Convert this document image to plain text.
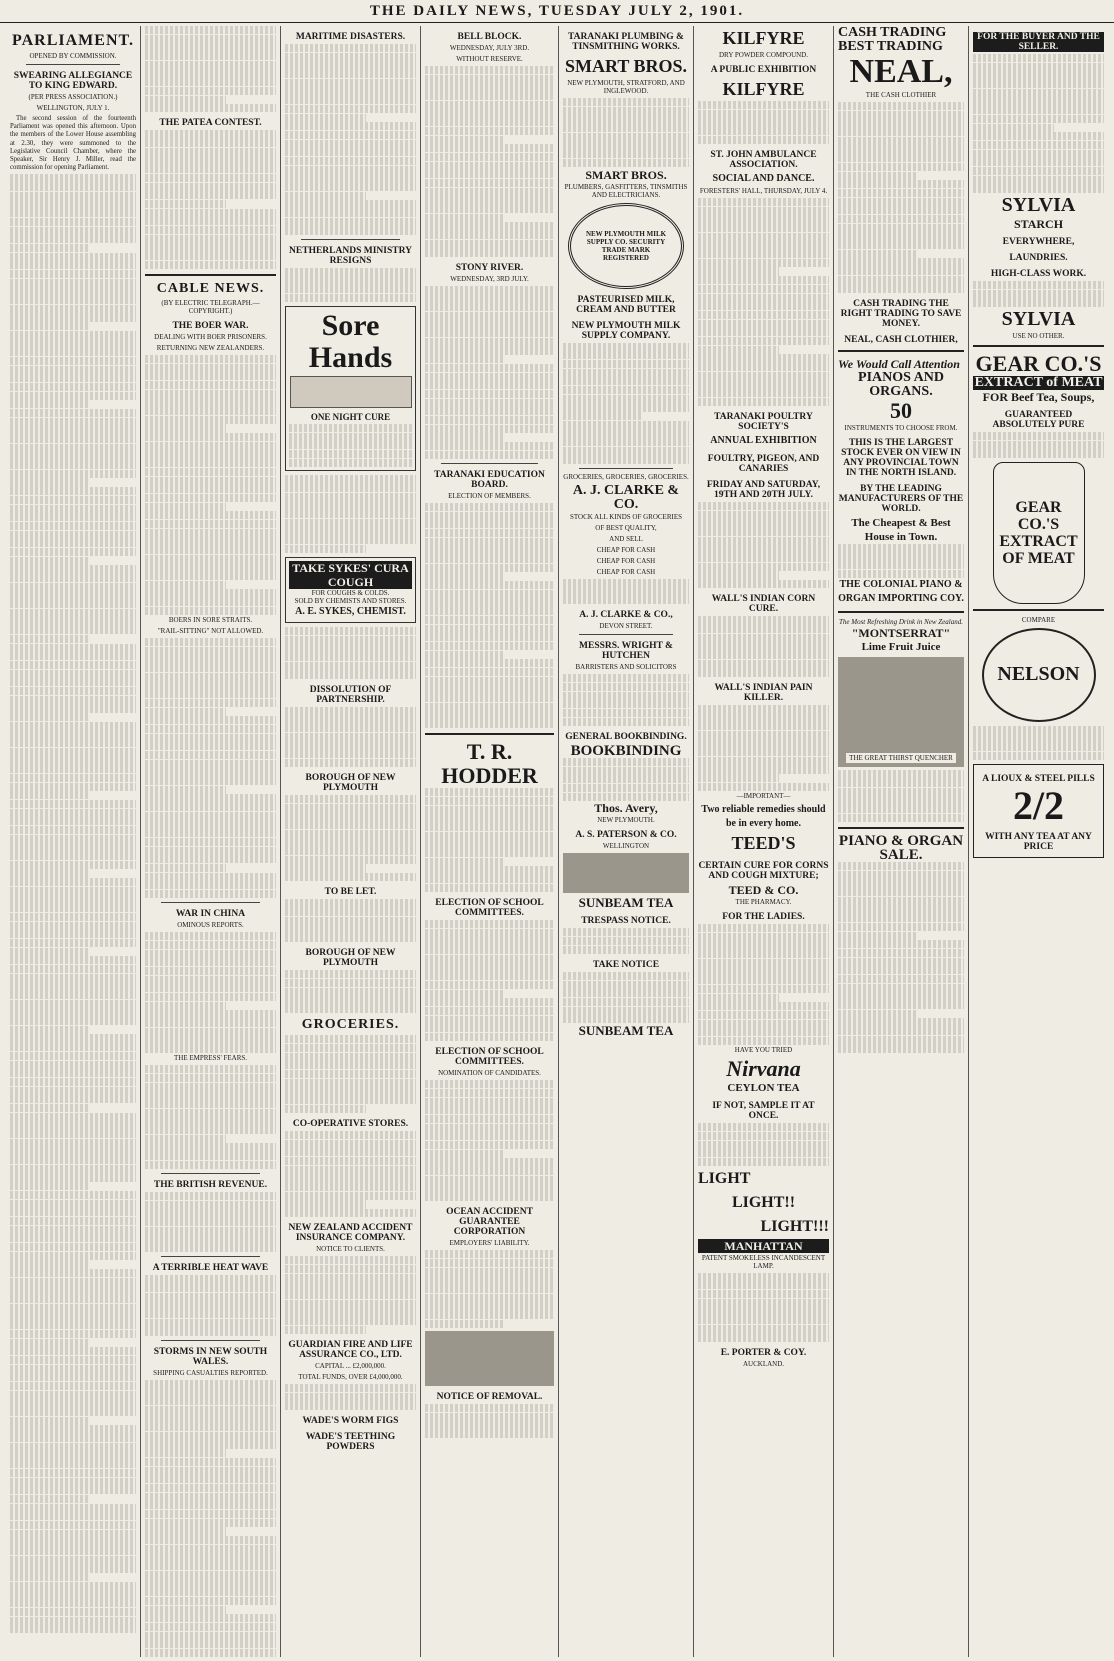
THE DAILY NEWS, TUESDAY JULY 2, 1901.
PARLIAMENT.
OPENED BY COMMISSION.
SWEARING ALLEGIANCE TO KING EDWARD.
(PER PRESS ASSOCIATION.)
WELLINGTON, JULY 1.

The second session of the fourteenth Parliament was opened this afternoon. Upon the members of the Lower House assembling at 2.30, they were summoned to the Legislative Council Chamber, where the Speaker, Sir Henry J. Miller, read the commission for opening Parliament.

THE PATEA CONTEST.
CABLE NEWS.
(BY ELECTRIC TELEGRAPH.—COPYRIGHT.)
THE BOER WAR.
DEALING WITH BOER PRISONERS.
RETURNING NEW ZEALANDERS.
BOERS IN SORE STRAITS.
"RAIL-SITTING" NOT ALLOWED.
WAR IN CHINA
OMINOUS REPORTS.
THE EMPRESS' FEARS.
THE BRITISH REVENUE.
A TERRIBLE HEAT WAVE
STORMS IN NEW SOUTH WALES.
SHIPPING CASUALTIES REPORTED.
MARITIME DISASTERS.
NETHERLANDS MINISTRY RESIGNS
Sore Hands
ONE NIGHT CURE
TAKE SYKES' CURA COUGH
FOR COUGHS & COLDS.
SOLD BY CHEMISTS AND STORES.
A. E. SYKES, CHEMIST.
DISSOLUTION OF PARTNERSHIP.
BOROUGH OF NEW PLYMOUTH
TO BE LET.
BOROUGH OF NEW PLYMOUTH
GROCERIES.
CO-OPERATIVE STORES.
NEW ZEALAND ACCIDENT INSURANCE COMPANY.
NOTICE TO CLIENTS.
GUARDIAN FIRE AND LIFE ASSURANCE CO., LTD.
CAPITAL ... £2,000,000.
TOTAL FUNDS, OVER £4,000,000.
WADE'S WORM FIGS
WADE'S TEETHING POWDERS
BELL BLOCK.
WEDNESDAY, JULY 3RD.
WITHOUT RESERVE.
STONY RIVER.
WEDNESDAY, 3RD JULY.
TARANAKI EDUCATION BOARD.
ELECTION OF MEMBERS.
T. R. HODDER
ELECTION OF SCHOOL COMMITTEES.
ELECTION OF SCHOOL COMMITTEES.
NOMINATION OF CANDIDATES.
OCEAN ACCIDENT GUARANTEE CORPORATION
EMPLOYERS' LIABILITY.
NOTICE OF REMOVAL.
TARANAKI PLUMBING & TINSMITHING WORKS.
SMART BROS.
NEW PLYMOUTH, STRATFORD, AND INGLEWOOD.
SMART BROS.
PLUMBERS, GASFITTERS, TINSMITHS AND ELECTRICIANS.
NEW PLYMOUTH MILK SUPPLY CO. SECURITY TRADE MARK REGISTERED
PASTEURISED MILK, CREAM AND BUTTER
NEW PLYMOUTH MILK SUPPLY COMPANY.
GROCERIES, GROCERIES, GROCERIES.
A. J. CLARKE & CO.
STOCK ALL KINDS OF GROCERIES
OF BEST QUALITY,
AND SELL
CHEAP FOR CASH
CHEAP FOR CASH
CHEAP FOR CASH
A. J. CLARKE & CO.,
DEVON STREET.
MESSRS. WRIGHT & HUTCHEN
BARRISTERS AND SOLICITORS
GENERAL BOOKBINDING.
BOOKBINDING
Thos. Avery,
NEW PLYMOUTH.
A. S. PATERSON & CO.
WELLINGTON
SUNBEAM TEA
TRESPASS NOTICE.
TAKE NOTICE
SUNBEAM TEA
KILFYRE
DRY POWDER COMPOUND.
A PUBLIC EXHIBITION
KILFYRE
ST. JOHN AMBULANCE ASSOCIATION.
SOCIAL AND DANCE.
FORESTERS' HALL, THURSDAY, JULY 4.
TARANAKI POULTRY SOCIETY'S
ANNUAL EXHIBITION
FOULTRY, PIGEON, AND CANARIES
FRIDAY AND SATURDAY, 19TH AND 20TH JULY.
WALL'S INDIAN CORN CURE.
WALL'S INDIAN PAIN KILLER.
—IMPORTANT—
Two reliable remedies should be in every home.
TEED'S
CERTAIN CURE FOR CORNS AND COUGH MIXTURE;
TEED & CO.
THE PHARMACY.
FOR THE LADIES.
HAVE YOU TRIED
Nirvana
CEYLON TEA
IF NOT, SAMPLE IT AT ONCE.
LIGHT
LIGHT!!
LIGHT!!!
MANHATTAN
PATENT SMOKELESS INCANDESCENT LAMP.
E. PORTER & COY.
AUCKLAND.
CASH TRADING
BEST TRADING
NEAL,
THE CASH CLOTHIER
CASH TRADING THE RIGHT TRADING TO SAVE MONEY.
NEAL, CASH CLOTHIER,
We Would Call Attention
PIANOS AND ORGANS.
50
INSTRUMENTS TO CHOOSE FROM.
THIS IS THE LARGEST STOCK EVER ON VIEW IN ANY PROVINCIAL TOWN IN THE NORTH ISLAND.
BY THE LEADING MANUFACTURERS OF THE WORLD.
The Cheapest & Best House in Town.
THE COLONIAL PIANO & ORGAN IMPORTING COY.
The Most Refreshing Drink in New Zealand.
"MONTSERRAT"
Lime Fruit Juice
THE GREAT THIRST QUENCHER
PIANO & ORGAN
SALE.
FOR THE BUYER AND THE SELLER.
SYLVIA
STARCH
EVERYWHERE,
LAUNDRIES.
HIGH-CLASS WORK.
SYLVIA
USE NO OTHER.
GEAR CO.'S
EXTRACT of MEAT
FOR Beef Tea, Soups,
GUARANTEED ABSOLUTELY PURE
GEAR CO.'S EXTRACT OF MEAT
COMPARE
NELSON
A LIOUX & STEEL PILLS
2/2
WITH ANY TEA AT ANY PRICE
